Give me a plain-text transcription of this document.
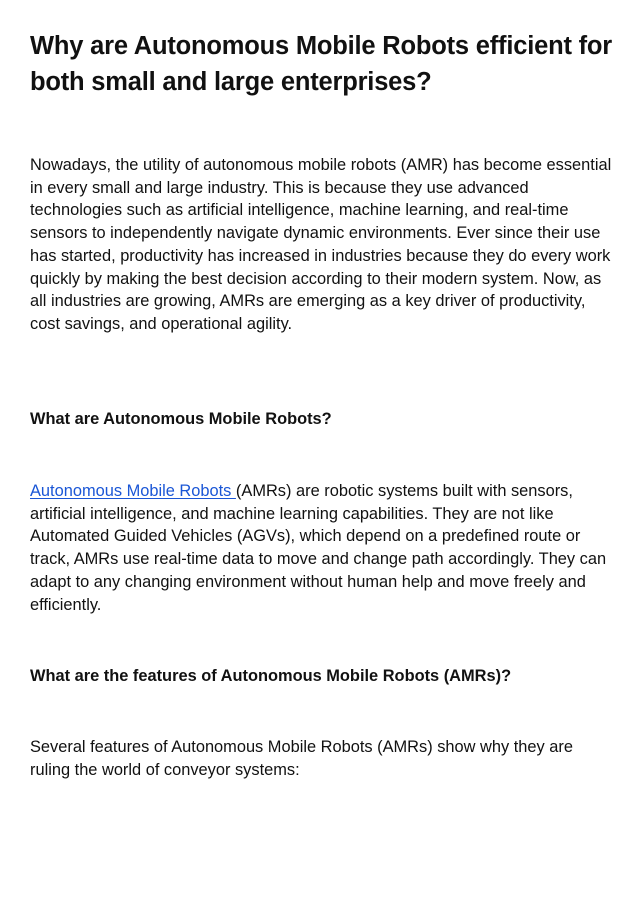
Why are Autonomous Mobile Robots efficient for both small and large enterprises?

Nowadays, the utility of autonomous mobile robots (AMR) has become essential in every small and large industry. This is because they use advanced technologies such as artificial intelligence, machine learning, and real-time sensors to independently navigate dynamic environments. Ever since their use has started, productivity has increased in industries because they do every work quickly by making the best decision according to their modern system. Now, as all industries are growing, AMRs are emerging as a key driver of productivity, cost savings, and operational agility.

What are Autonomous Mobile Robots?

Autonomous Mobile Robots (AMRs) are robotic systems built with sensors, artificial intelligence, and machine learning capabilities. They are not like Automated Guided Vehicles (AGVs), which depend on a predefined route or track, AMRs use real-time data to move and change path accordingly. They can adapt to any changing environment without human help and move freely and efficiently.

What are the features of Autonomous Mobile Robots (AMRs)?

Several features of Autonomous Mobile Robots (AMRs) show why they are ruling the world of conveyor systems:
